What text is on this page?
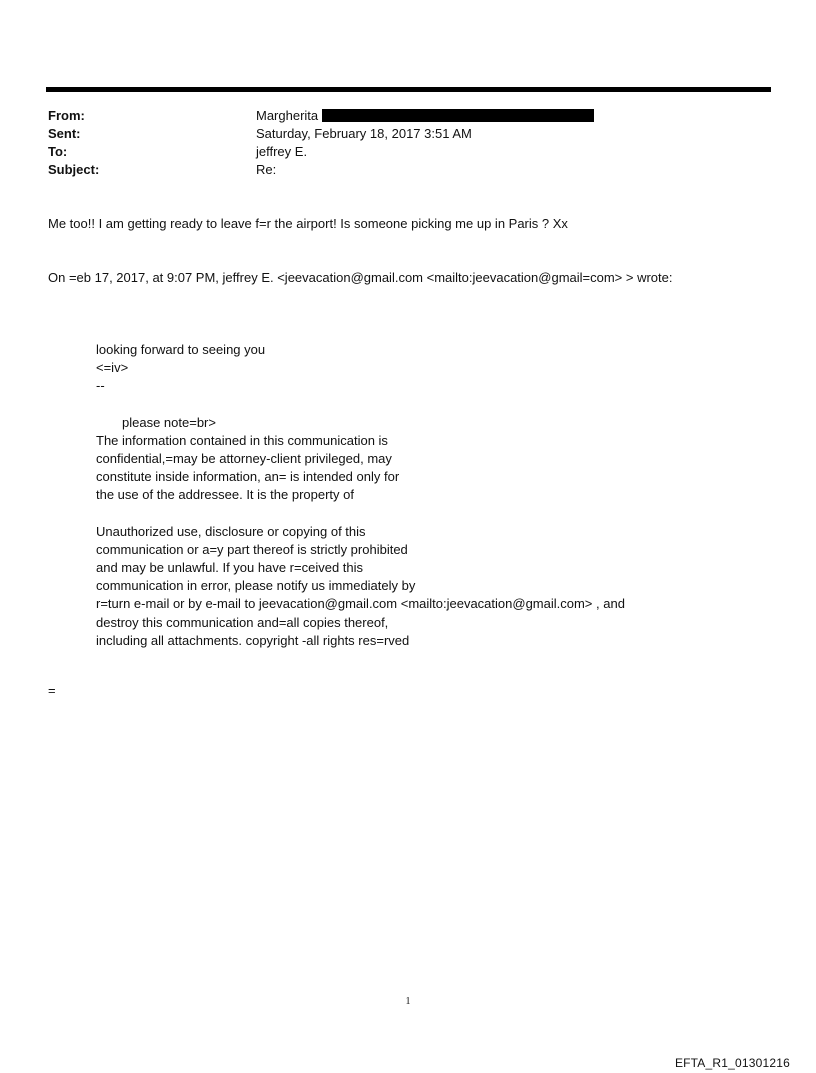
From:	Margherita
Sent:	Saturday, February 18, 2017 3:51 AM
To:	jeffrey E.
Subject:	Re:
Me too!! I am getting ready to leave f=r the airport! Is someone picking me up in Paris ? Xx
On =eb 17, 2017, at 9:07 PM, jeffrey E. <jeevacation@gmail.com <mailto:jeevacation@gmail=com> > wrote:
looking forward to seeing you
<=iv>
--
please note=br>
The information contained in this communication is
confidential,=may be attorney-client privileged, may
constitute inside information, an= is intended only for
the use of the addressee. It is the property of
Unauthorized use, disclosure or copying of this
communication or a=y part thereof is strictly prohibited
and may be unlawful. If you have r=ceived this
communication in error, please notify us immediately by
r=turn e-mail or by e-mail to jeevacation@gmail.com <mailto:jeevacation@gmail.com> , and
destroy this communication and=all copies thereof,
including all attachments. copyright -all rights res=rved
=
1
EFTA_R1_01301216
